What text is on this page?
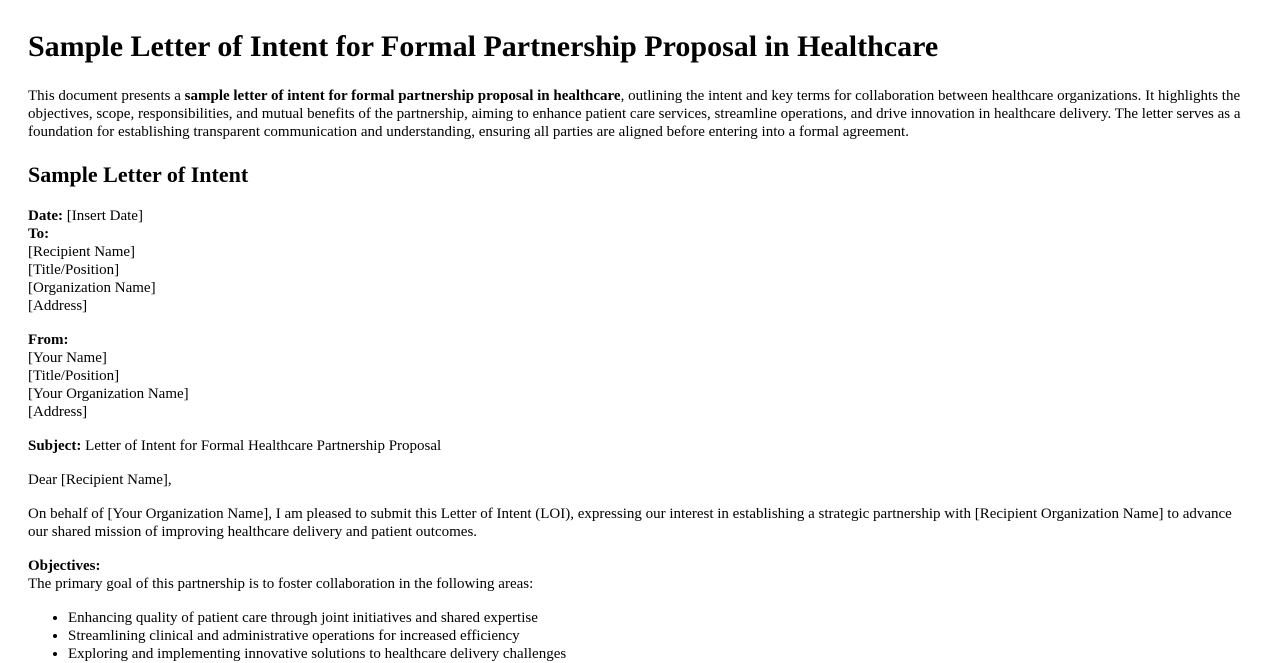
Sample Letter of Intent for Formal Partnership Proposal in Healthcare

This document presents a sample letter of intent for formal partnership proposal in healthcare, outlining the intent and key terms for collaboration between healthcare organizations. It highlights the objectives, scope, responsibilities, and mutual benefits of the partnership, aiming to enhance patient care services, streamline operations, and drive innovation in healthcare delivery. The letter serves as a foundation for establishing transparent communication and understanding, ensuring all parties are aligned before entering into a formal agreement.

Sample Letter of Intent
Date: [Insert Date]
To:
[Recipient Name]
[Title/Position]
[Organization Name]
[Address]
From:
[Your Name]
[Title/Position]
[Your Organization Name]
[Address]
Subject: Letter of Intent for Formal Healthcare Partnership Proposal
Dear [Recipient Name],
On behalf of [Your Organization Name], I am pleased to submit this Letter of Intent (LOI), expressing our interest in establishing a strategic partnership with [Recipient Organization Name] to advance our shared mission of improving healthcare delivery and patient outcomes.
Objectives:
The primary goal of this partnership is to foster collaboration in the following areas:
• Enhancing quality of patient care through joint initiatives and shared expertise
• Streamlining clinical and administrative operations for increased efficiency
• Exploring and implementing innovative solutions to healthcare delivery challenges
